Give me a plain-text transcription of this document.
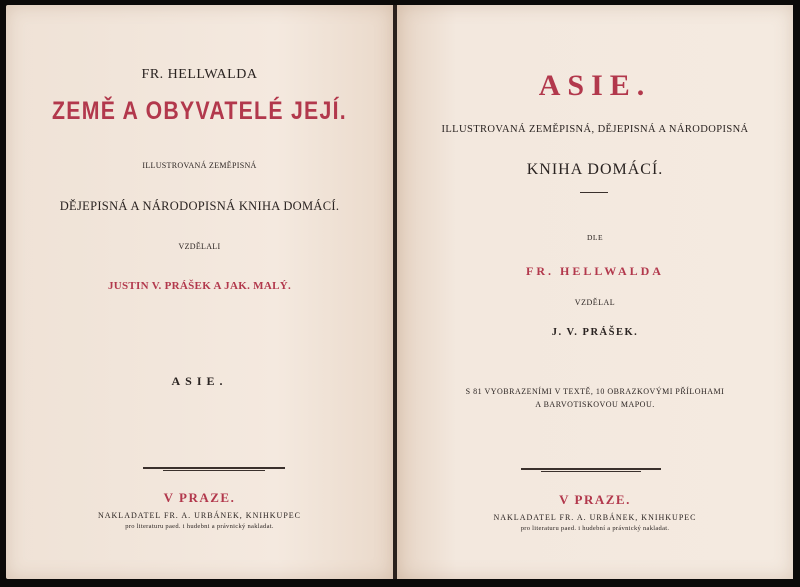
FR. HELLWALDA
ZEMĚ A OBYVATELÉ JEJÍ.
ILLUSTROVANÁ ZEMĚPISNÁ
DĚJEPISNÁ A NÁRODOPISNÁ KNIHA DOMÁCÍ.
VZDĚLALI
JUSTIN V. PRÁŠEK A JAK. MALÝ.
ASIE.
V PRAZE.
NAKLADATEL FR. A. URBÁNEK, KNIHKUPEC
pro literaturu paed. i hudebni a právnický nakladat.
ASIE.
ILLUSTROVANÁ ZEMĚPISNÁ, DĚJEPISNÁ A NÁRODOPISNÁ
KNIHA DOMÁCÍ.
DLE
FR. HELLWALDA
VZDĚLAL
J. V. PRÁŠEK.
S 81 VYOBRAZENÍMI V TEXTĚ, 10 OBRAZKOVÝMI PŘÍLOHAMI
A BARVOTISKOVOU MAPOU.
V PRAZE.
NAKLADATEL FR. A. URBÁNEK, KNIHKUPEC
pro literaturu paed. i hudební a právnický nakladat.
